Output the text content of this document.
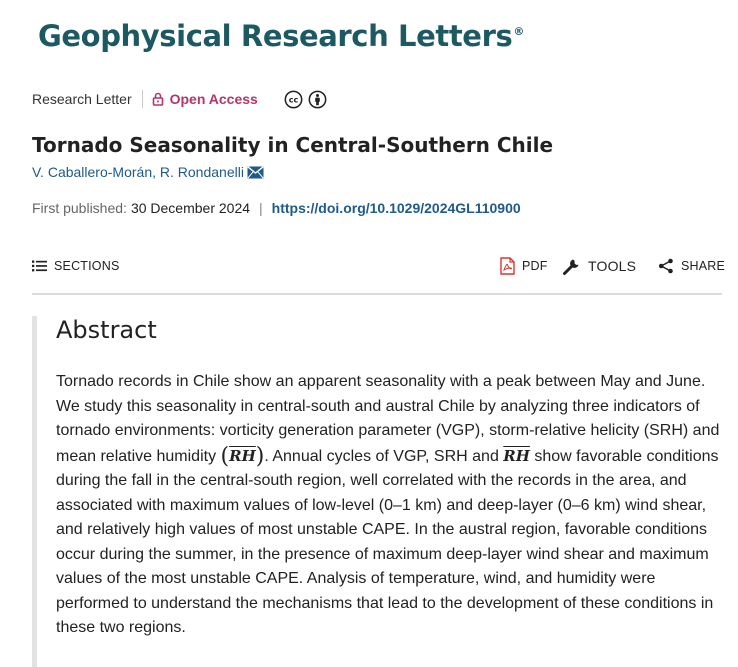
Geophysical Research Letters®
Research Letter	Open Access	cc
Tornado Seasonality in Central-Southern Chile
V. Caballero-Morán , R. Rondanelli
First published: 30 December 2024 | https://doi.org/10.1029/2024GL110900
SECTIONS	PDF	TOOLS	SHARE
Abstract

Tornado records in Chile show an apparent seasonality with a peak between May and June. We study this seasonality in central-south and austral Chile by analyzing three indicators of tornado environments: vorticity generation parameter (VGP), storm-relative helicity (SRH) and mean relative humidity $(\overline{RH})$. Annual cycles of VGP, SRH and $\overline{RH}$ show favorable conditions during the fall in the central-south region, well correlated with the records in the area, and associated with maximum values of low-level (0–1 km) and deep-layer (0–6 km) wind shear, and relatively high values of most unstable CAPE. In the austral region, favorable conditions occur during the summer, in the presence of maximum deep-layer wind shear and maximum values of the most unstable CAPE. Analysis of temperature, wind, and humidity were performed to understand the mechanisms that lead to the development of these conditions in these two regions.
